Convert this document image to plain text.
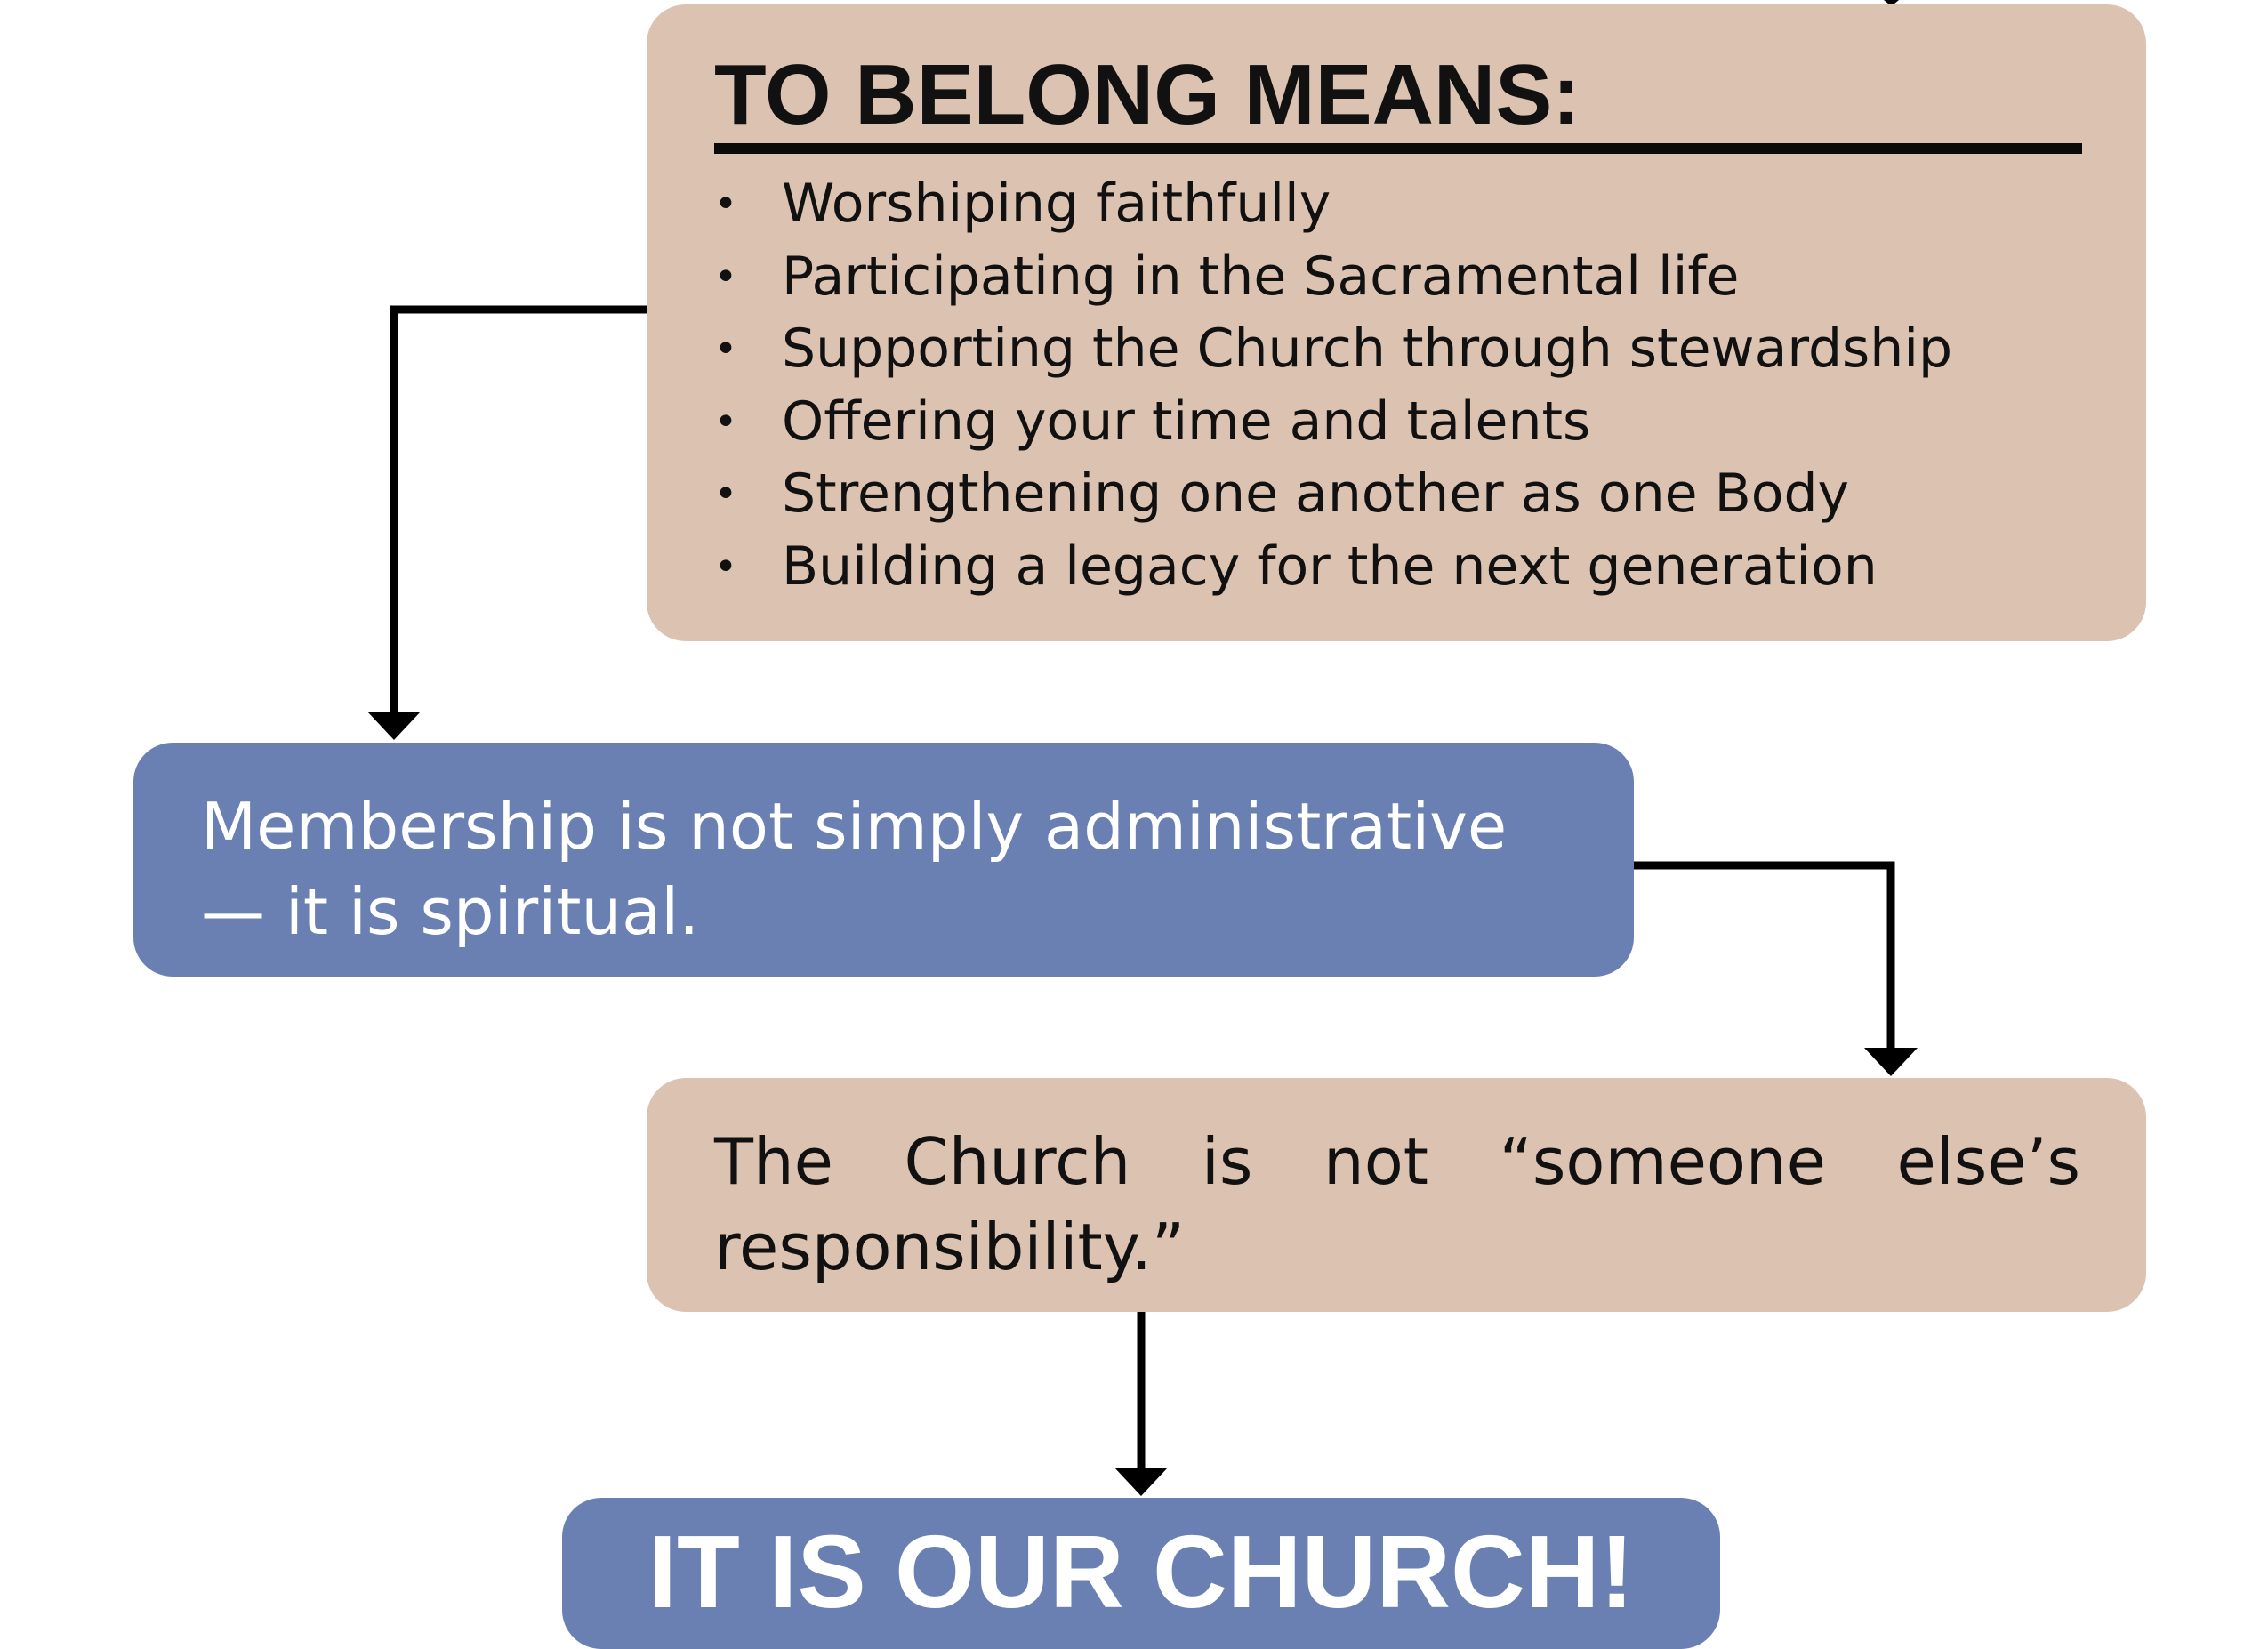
TO BELONG MEANS:
• Worshiping faithfully
• Participating in the Sacramental life
• Supporting the Church through stewardship
• Offering your time and talents
• Strengthening one another as one Body
• Building a legacy for the next generation

Membership is not simply administrative — it is spiritual.

The Church is not “someone else’s responsibility.”

IT IS OUR CHURCH!
